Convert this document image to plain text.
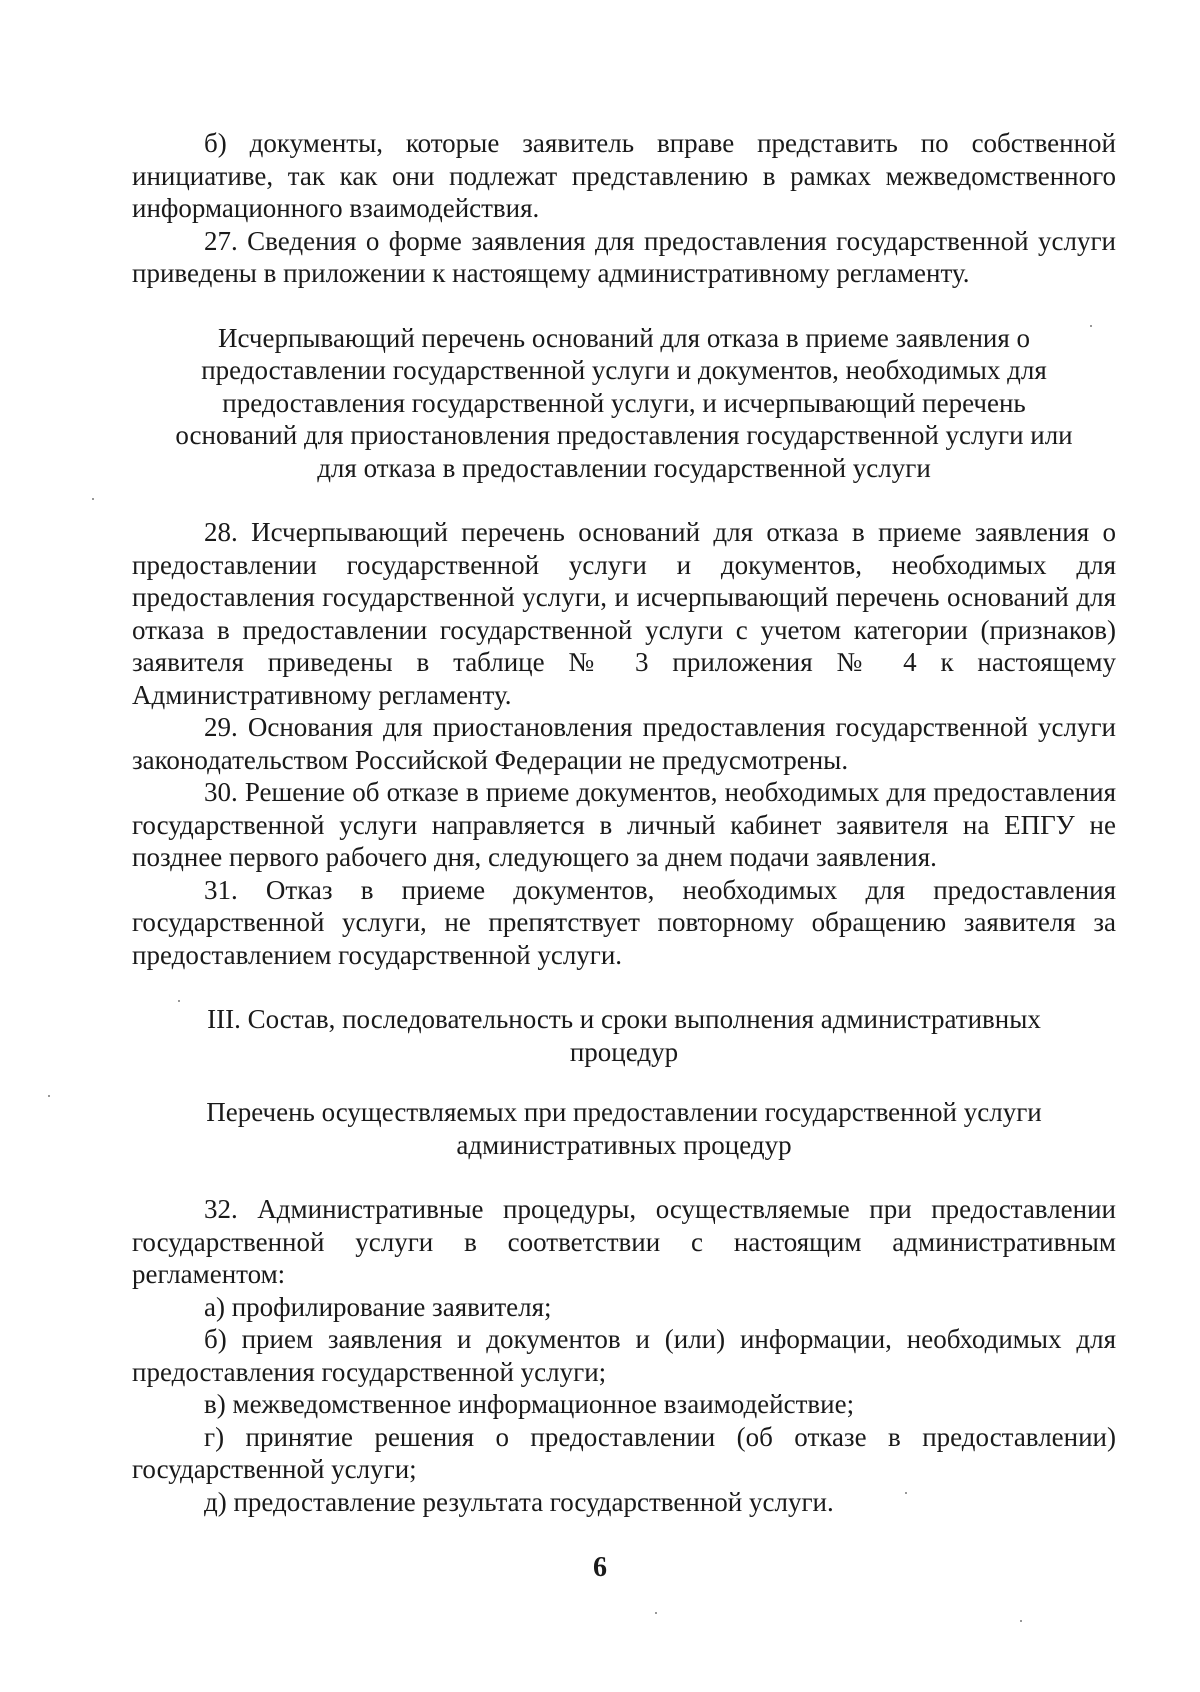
б) документы, которые заявитель вправе представить по собственной инициативе, так как они подлежат представлению в рамках межведомственного информационного взаимодействия.

27. Сведения о форме заявления для предоставления государственной услуги приведены в приложении к настоящему административному регламенту.

Исчерпывающий перечень оснований для отказа в приеме заявления о предоставлении государственной услуги и документов, необходимых для предоставления государственной услуги, и исчерпывающий перечень оснований для приостановления предоставления государственной услуги или для отказа в предоставлении государственной услуги

28. Исчерпывающий перечень оснований для отказа в приеме заявления о предоставлении государственной услуги и документов, необходимых для предоставления государственной услуги, и исчерпывающий перечень оснований для отказа в предоставлении государственной услуги с учетом категории (признаков) заявителя приведены в таблице № 3 приложения № 4 к настоящему Административному регламенту.

29. Основания для приостановления предоставления государственной услуги законодательством Российской Федерации не предусмотрены.

30. Решение об отказе в приеме документов, необходимых для предоставления государственной услуги направляется в личный кабинет заявителя на ЕПГУ не позднее первого рабочего дня, следующего за днем подачи заявления.

31. Отказ в приеме документов, необходимых для предоставления государственной услуги, не препятствует повторному обращению заявителя за предоставлением государственной услуги.

III. Состав, последовательность и сроки выполнения административных процедур

Перечень осуществляемых при предоставлении государственной услуги административных процедур

32. Административные процедуры, осуществляемые при предоставлении государственной услуги в соответствии с настоящим административным регламентом:

а) профилирование заявителя;

б) прием заявления и документов и (или) информации, необходимых для предоставления государственной услуги;

в) межведомственное информационное взаимодействие;

г) принятие решения о предоставлении (об отказе в предоставлении) государственной услуги;

д) предоставление результата государственной услуги.

6
